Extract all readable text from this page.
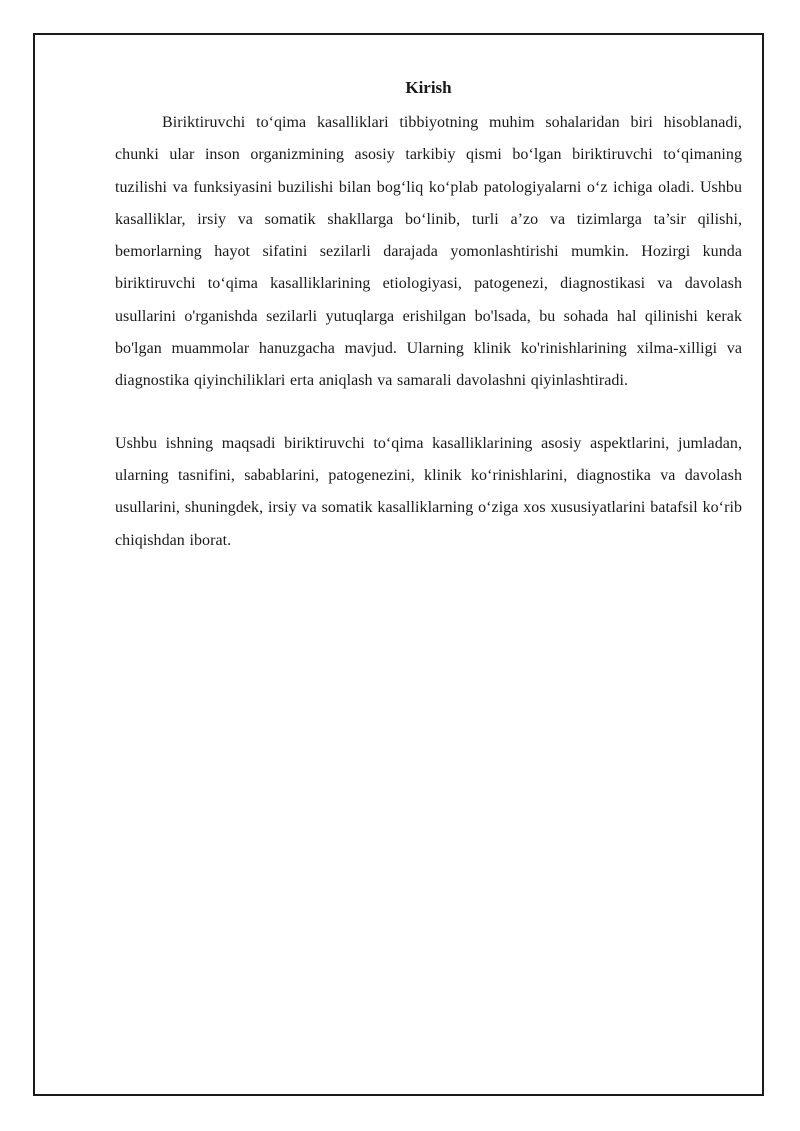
Kirish

Biriktiruvchi to‘qima kasalliklari tibbiyotning muhim sohalaridan biri hisoblanadi, chunki ular inson organizmining asosiy tarkibiy qismi bo‘lgan biriktiruvchi to‘qimaning tuzilishi va funksiyasini buzilishi bilan bog‘liq ko‘plab patologiyalarni o‘z ichiga oladi. Ushbu kasalliklar, irsiy va somatik shakllarga bo‘linib, turli a’zo va tizimlarga ta’sir qilishi, bemorlarning hayot sifatini sezilarli darajada yomonlashtirishi mumkin. Hozirgi kunda biriktiruvchi to‘qima kasalliklarining etiologiyasi, patogenezi, diagnostikasi va davolash usullarini o'rganishda sezilarli yutuqlarga erishilgan bo'lsada, bu sohada hal qilinishi kerak bo'lgan muammolar hanuzgacha mavjud. Ularning klinik ko'rinishlarining xilma-xilligi va diagnostika qiyinchiliklari erta aniqlash va samarali davolashni qiyinlashtiradi.

Ushbu ishning maqsadi biriktiruvchi to‘qima kasalliklarining asosiy aspektlarini, jumladan, ularning tasnifini, sabablarini, patogenezini, klinik ko‘rinishlarini, diagnostika va davolash usullarini, shuningdek, irsiy va somatik kasalliklarning o‘ziga xos xususiyatlarini batafsil ko‘rib chiqishdan iborat.
